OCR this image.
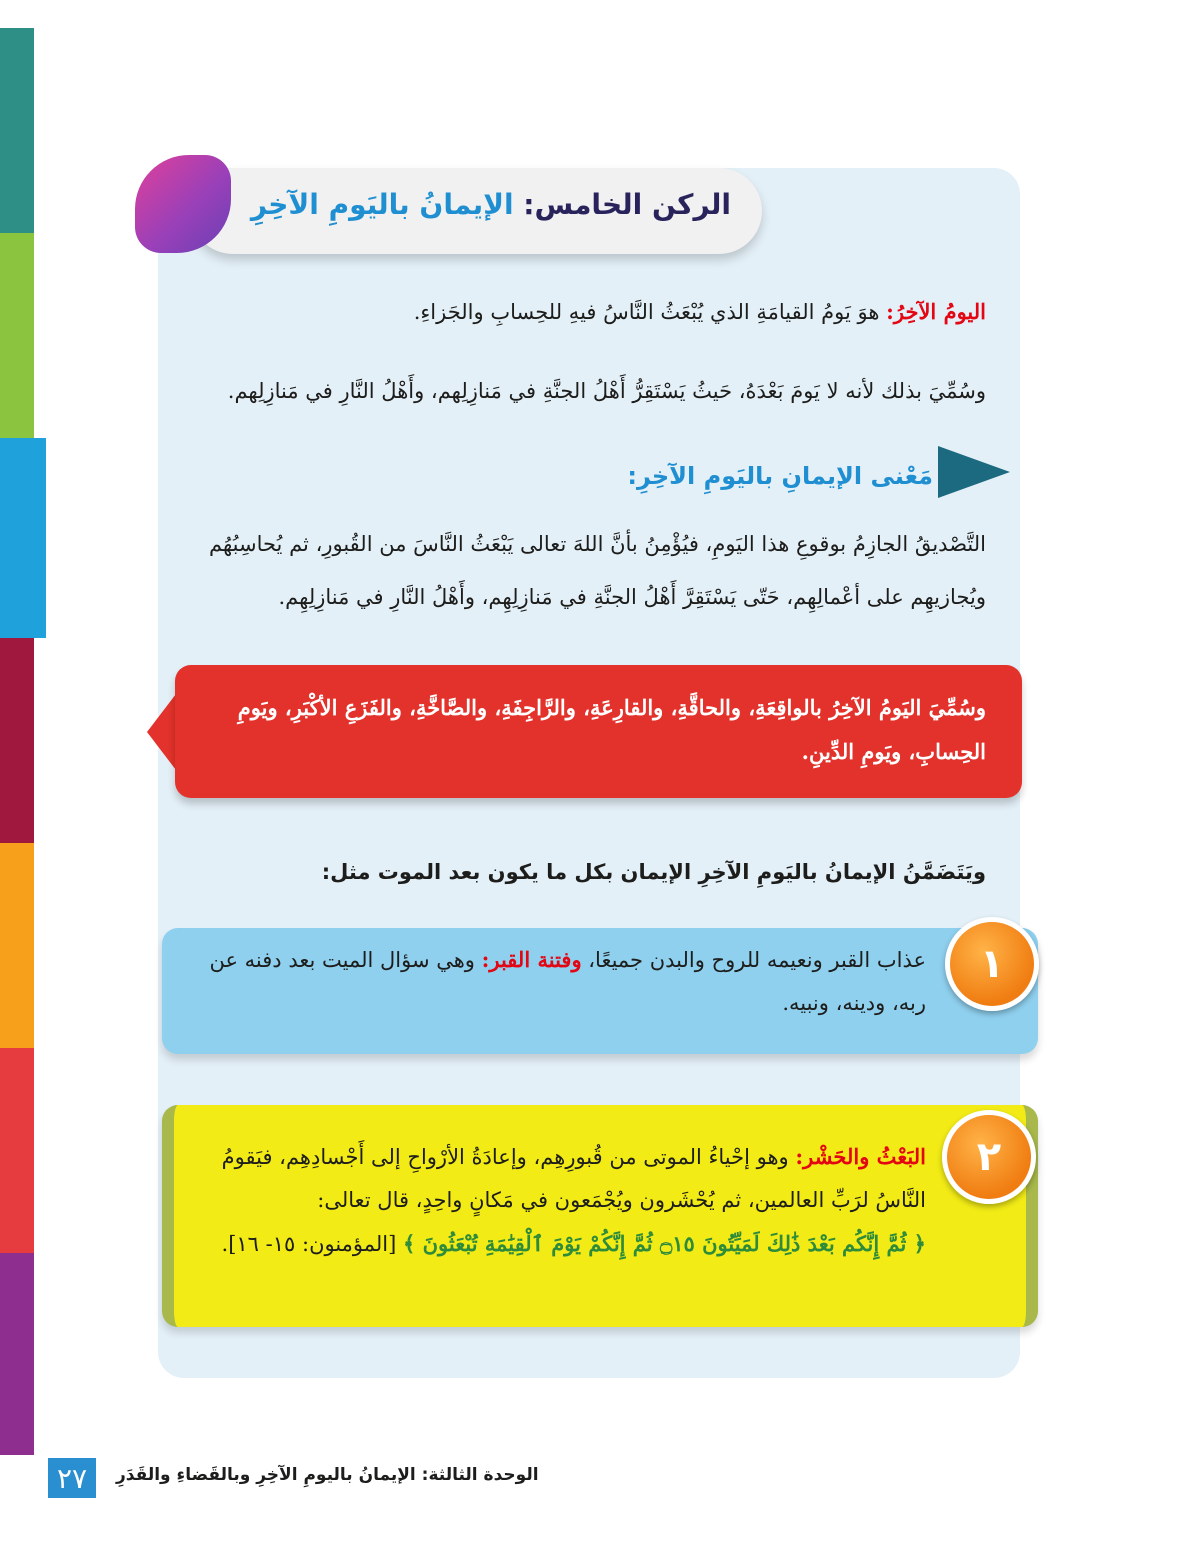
الركن الخامس: الإيمانُ باليَومِ الآخِرِ
اليومُ الآخِرُ: هوَ يَومُ القيامَةِ الذي يُبْعَثُ النَّاسُ فيهِ للحِسابِ والجَزاءِ.
وسُمِّيَ بذلك لأنه لا يَومَ بَعْدَهُ، حَيثُ يَسْتَقِرُّ أَهْلُ الجنَّةِ في مَنازِلِهم، وأَهْلُ النَّارِ في مَنازِلِهم.
مَعْنى الإيمانِ باليَومِ الآخِرِ:
التَّصْديقُ الجازِمُ بوقوعِ هذا اليَومِ، فيُؤْمِنُ بأنَّ اللهَ تعالى يَبْعَثُ النَّاسَ من القُبورِ، ثم يُحاسِبُهُم ويُجازيهِم على أعْمالِهِم، حَتّى يَسْتَقِرَّ أَهْلُ الجنَّةِ في مَنازِلِهِم، وأَهْلُ النَّارِ في مَنازِلِهِم.
وسُمِّيَ اليَومُ الآخِرُ بالواقِعَةِ، والحاقَّةِ، والقارِعَةِ، والرَّاجِفَةِ، والصَّاخَّةِ، والفَزَعِ الأكْبَرِ، ويَومِ الحِسابِ، ويَومِ الدِّينِ.
ويَتَضَمَّنُ الإيمانُ باليَومِ الآخِرِ الإيمان بكل ما يكون بعد الموت مثل:
١
عذاب القبر ونعيمه للروح والبدن جميعًا، وفتنة القبر: وهي سؤال الميت بعد دفنه عن ربه، ودينه، ونبيه.
٢
البَعْثُ والحَشْر: وهو إحْياءُ الموتى من قُبورِهِم، وإعادَةُ الأرْواحِ إلى أَجْسادِهِم، فيَقومُ النَّاسُ لرَبِّ العالمين، ثم يُحْشَرون ويُجْمَعون في مَكانٍ واحِدٍ، قال تعالى:
﴿ ثُمَّ إِنَّكُم بَعْدَ ذَٰلِكَ لَمَيِّتُونَ ۝١٥ ثُمَّ إِنَّكُمْ يَوْمَ ٱلْقِيَٰمَةِ تُبْعَثُونَ ﴾ [المؤمنون: ١٥- ١٦].
٢٧	الوحدة الثالثة: الإيمانُ باليومِ الآخِرِ وبالقَضاءِ والقَدَرِ
